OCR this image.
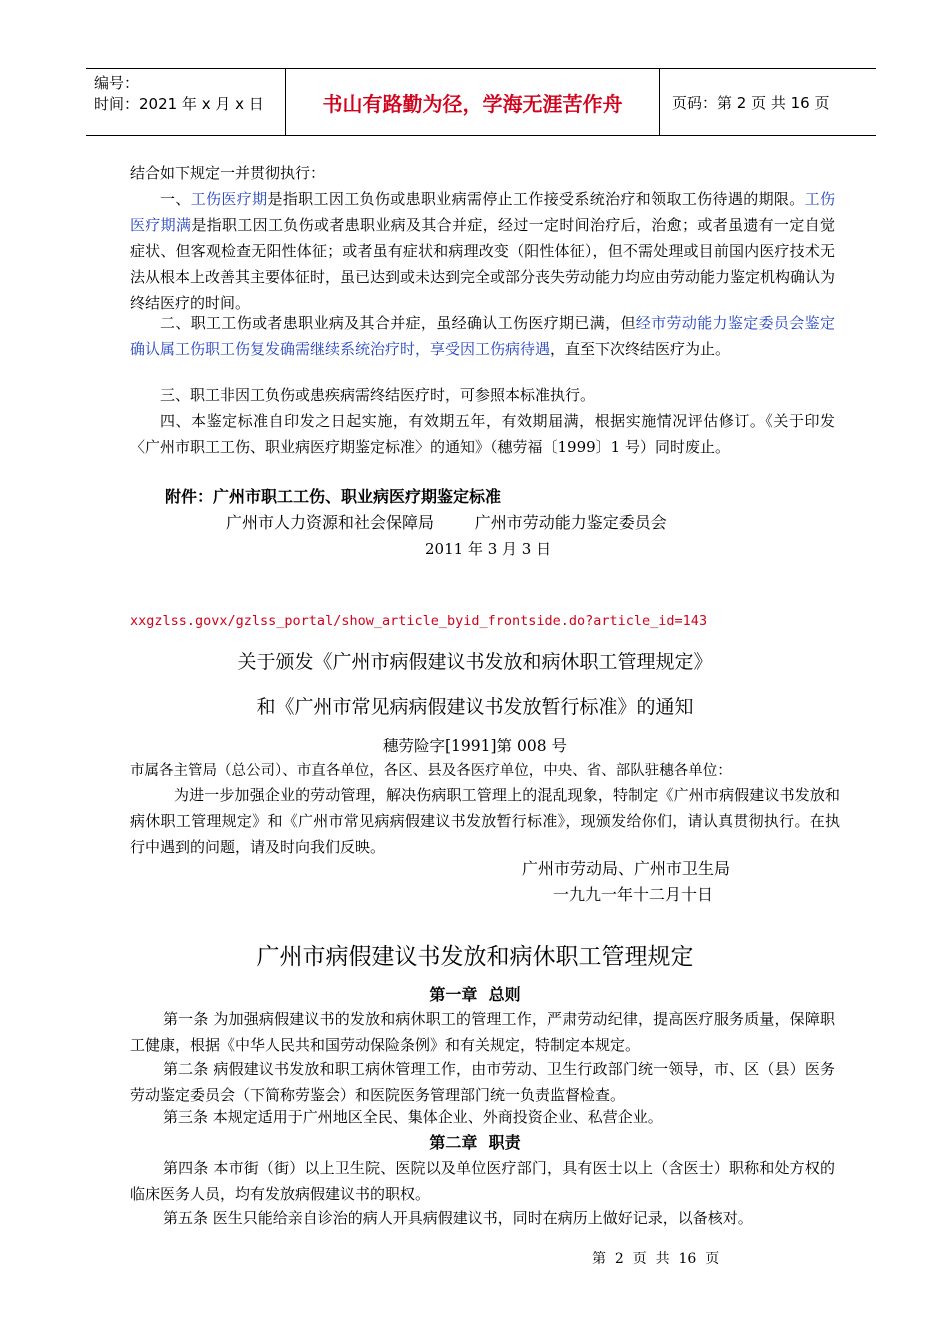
编号：
时间：2021 年 x 月 x 日	书山有路勤为径，学海无涯苦作舟	页码：第 2 页 共 16 页
结合如下规定一并贯彻执行：
一、工伤医疗期是指职工因工负伤或患职业病需停止工作接受系统治疗和领取工伤待遇的期限。工伤医疗期满是指职工因工负伤或者患职业病及其合并症，经过一定时间治疗后，治愈；或者虽遗有一定自觉症状、但客观检查无阳性体征；或者虽有症状和病理改变（阳性体征），但不需处理或目前国内医疗技术无法从根本上改善其主要体征时，虽已达到或未达到完全或部分丧失劳动能力均应由劳动能力鉴定机构确认为终结医疗的时间。
二、职工工伤或者患职业病及其合并症，虽经确认工伤医疗期已满，但经市劳动能力鉴定委员会鉴定确认属工伤职工伤复发确需继续系统治疗时，享受因工伤病待遇，直至下次终结医疗为止。
三、职工非因工负伤或患疾病需终结医疗时，可参照本标准执行。
四、本鉴定标准自印发之日起实施，有效期五年，有效期届满，根据实施情况评估修订。《关于印发〈广州市职工工伤、职业病医疗期鉴定标准〉的通知》（穗劳福〔1999〕1 号）同时废止。
附件：广州市职工工伤、职业病医疗期鉴定标准
广州市人力资源和社会保障局        广州市劳动能力鉴定委员会
2011 年 3 月 3 日
xxgzlss.govx/gzlss_portal/show_article_byid_frontside.do?article_id=143
关于颁发《广州市病假建议书发放和病休职工管理规定》
和《广州市常见病病假建议书发放暂行标准》的通知
穗劳险字[1991]第 008 号
市属各主管局（总公司）、市直各单位，各区、县及各医疗单位，中央、省、部队驻穗各单位：
为进一步加强企业的劳动管理，解决伤病职工管理上的混乱现象，特制定《广州市病假建议书发放和病休职工管理规定》和《广州市常见病病假建议书发放暂行标准》，现颁发给你们，请认真贯彻执行。在执行中遇到的问题，请及时向我们反映。
广州市劳动局、广州市卫生局
一九九一年十二月十日
广州市病假建议书发放和病休职工管理规定
第一章  总则
第一条 为加强病假建议书的发放和病休职工的管理工作，严肃劳动纪律，提高医疗服务质量，保障职工健康，根据《中华人民共和国劳动保险条例》和有关规定，特制定本规定。
第二条 病假建议书发放和职工病休管理工作，由市劳动、卫生行政部门统一领导，市、区（县）医务劳动鉴定委员会（下简称劳鉴会）和医院医务管理部门统一负责监督检查。
第三条 本规定适用于广州地区全民、集体企业、外商投资企业、私营企业。
第二章  职责
第四条 本市街（街）以上卫生院、医院以及单位医疗部门，具有医士以上（含医士）职称和处方权的临床医务人员，均有发放病假建议书的职权。
第五条 医生只能给亲自诊治的病人开具病假建议书，同时在病历上做好记录，以备核对。
第  2  页  共  16  页
